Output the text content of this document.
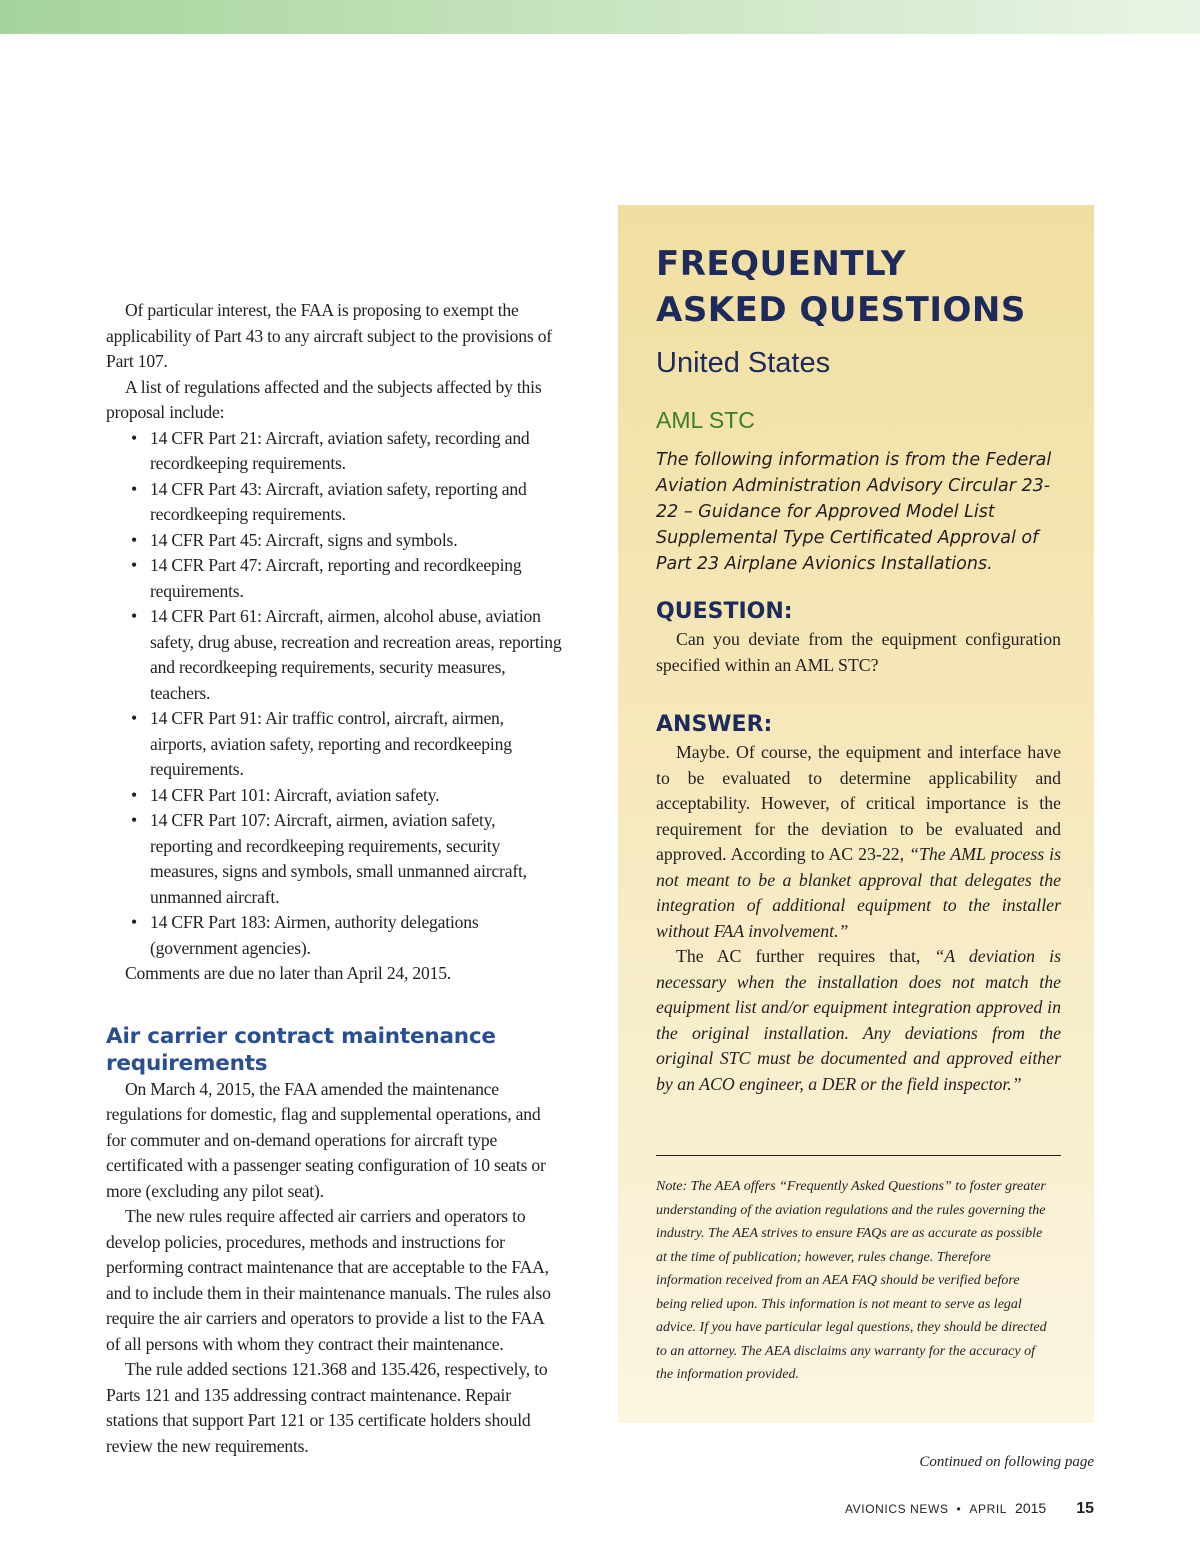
Of particular interest, the FAA is proposing to exempt the applicability of Part 43 to any aircraft subject to the provisions of Part 107.

A list of regulations affected and the subjects affected by this proposal include:

• 14 CFR Part 21: Aircraft, aviation safety, recording and recordkeeping requirements.
• 14 CFR Part 43: Aircraft, aviation safety, reporting and recordkeeping requirements.
• 14 CFR Part 45: Aircraft, signs and symbols.
• 14 CFR Part 47: Aircraft, reporting and recordkeeping requirements.
• 14 CFR Part 61: Aircraft, airmen, alcohol abuse, aviation safety, drug abuse, recreation and recreation areas, reporting and recordkeeping requirements, security measures, teachers.
• 14 CFR Part 91: Air traffic control, aircraft, airmen, airports, aviation safety, reporting and recordkeeping requirements.
• 14 CFR Part 101: Aircraft, aviation safety.
• 14 CFR Part 107: Aircraft, airmen, aviation safety, reporting and recordkeeping requirements, security measures, signs and symbols, small unmanned aircraft, unmanned aircraft.
• 14 CFR Part 183: Airmen, authority delegations (government agencies).

Comments are due no later than April 24, 2015.

Air carrier contract maintenance requirements

On March 4, 2015, the FAA amended the maintenance regulations for domestic, flag and supplemental operations, and for commuter and on-demand operations for aircraft type certificated with a passenger seating configuration of 10 seats or more (excluding any pilot seat).

The new rules require affected air carriers and operators to develop policies, procedures, methods and instructions for performing contract maintenance that are acceptable to the FAA, and to include them in their maintenance manuals. The rules also require the air carriers and operators to provide a list to the FAA of all persons with whom they contract their maintenance.

The rule added sections 121.368 and 135.426, respectively, to Parts 121 and 135 addressing contract maintenance. Repair stations that support Part 121 or 135 certificate holders should review the new requirements.

FREQUENTLY
ASKED QUESTIONS
United States
AML STC

The following information is from the Federal Aviation Administration Advisory Circular 23-22 – Guidance for Approved Model List Supplemental Type Certificated Approval of Part 23 Airplane Avionics Installations.

QUESTION:

Can you deviate from the equipment configuration specified within an AML STC?

ANSWER:

Maybe. Of course, the equipment and interface have to be evaluated to determine applicability and acceptability. However, of critical importance is the requirement for the deviation to be evaluated and approved. According to AC 23-22, “The AML process is not meant to be a blanket approval that delegates the integration of additional equipment to the installer without FAA involvement.”

The AC further requires that, “A deviation is necessary when the installation does not match the equipment list and/or equipment integration approved in the original installation. Any deviations from the original STC must be documented and approved either by an ACO engineer, a DER or the field inspector.”

Note: The AEA offers “Frequently Asked Questions” to foster greater understanding of the aviation regulations and the rules governing the industry. The AEA strives to ensure FAQs are as accurate as possible at the time of publication; however, rules change. Therefore information received from an AEA FAQ should be verified before being relied upon. This information is not meant to serve as legal advice. If you have particular legal questions, they should be directed to an attorney. The AEA disclaims any warranty for the accuracy of the information provided.
Continued on following page
AVIONICS NEWS • APRIL 2015 15
